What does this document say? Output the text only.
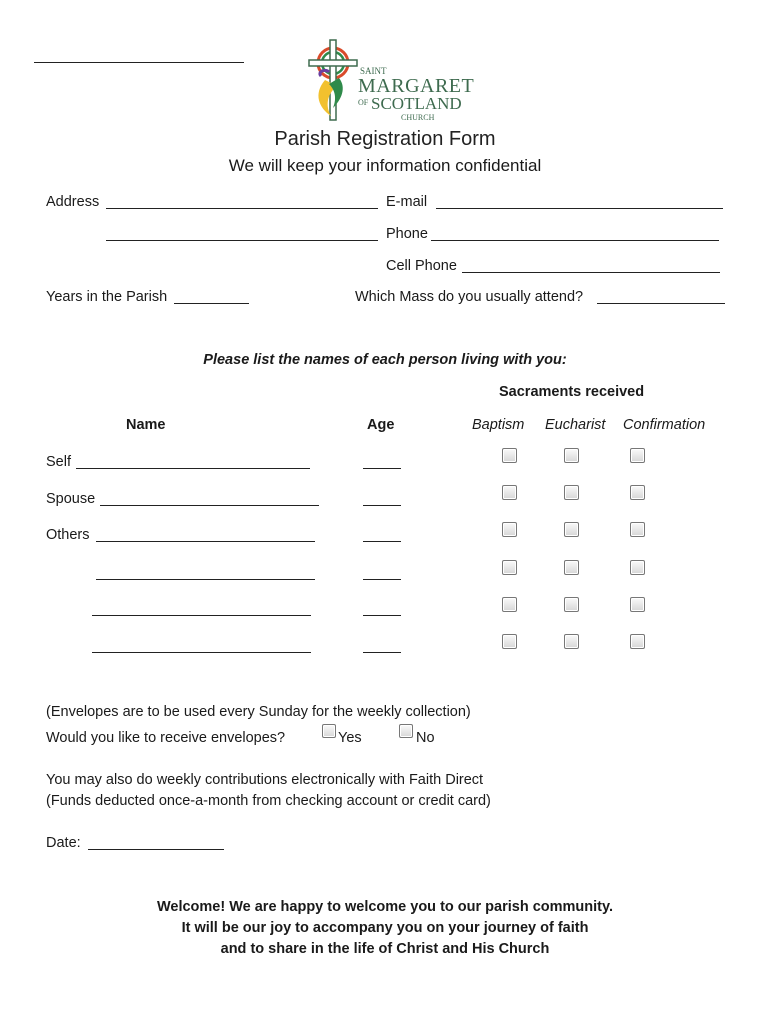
SAINT
MARGARET
OF SCOTLAND
CHURCH
Parish Registration Form
We will keep your information confidential
Address	E-mail
Phone
Cell Phone
Years in the Parish	Which Mass do you usually attend?
Please list the names of each person living with you:
Sacraments received
Name	Age	Baptism Eucharist Confirmation
Self
Spouse
Others
(Envelopes are to be used every Sunday for the weekly collection)
Would you like to receive envelopes?	Yes	No
You may also do weekly contributions electronically with Faith Direct
(Funds deducted once-a-month from checking account or credit card)
Date:
Welcome! We are happy to welcome you to our parish community.
It will be our joy to accompany you on your journey of faith
and to share in the life of Christ and His Church
